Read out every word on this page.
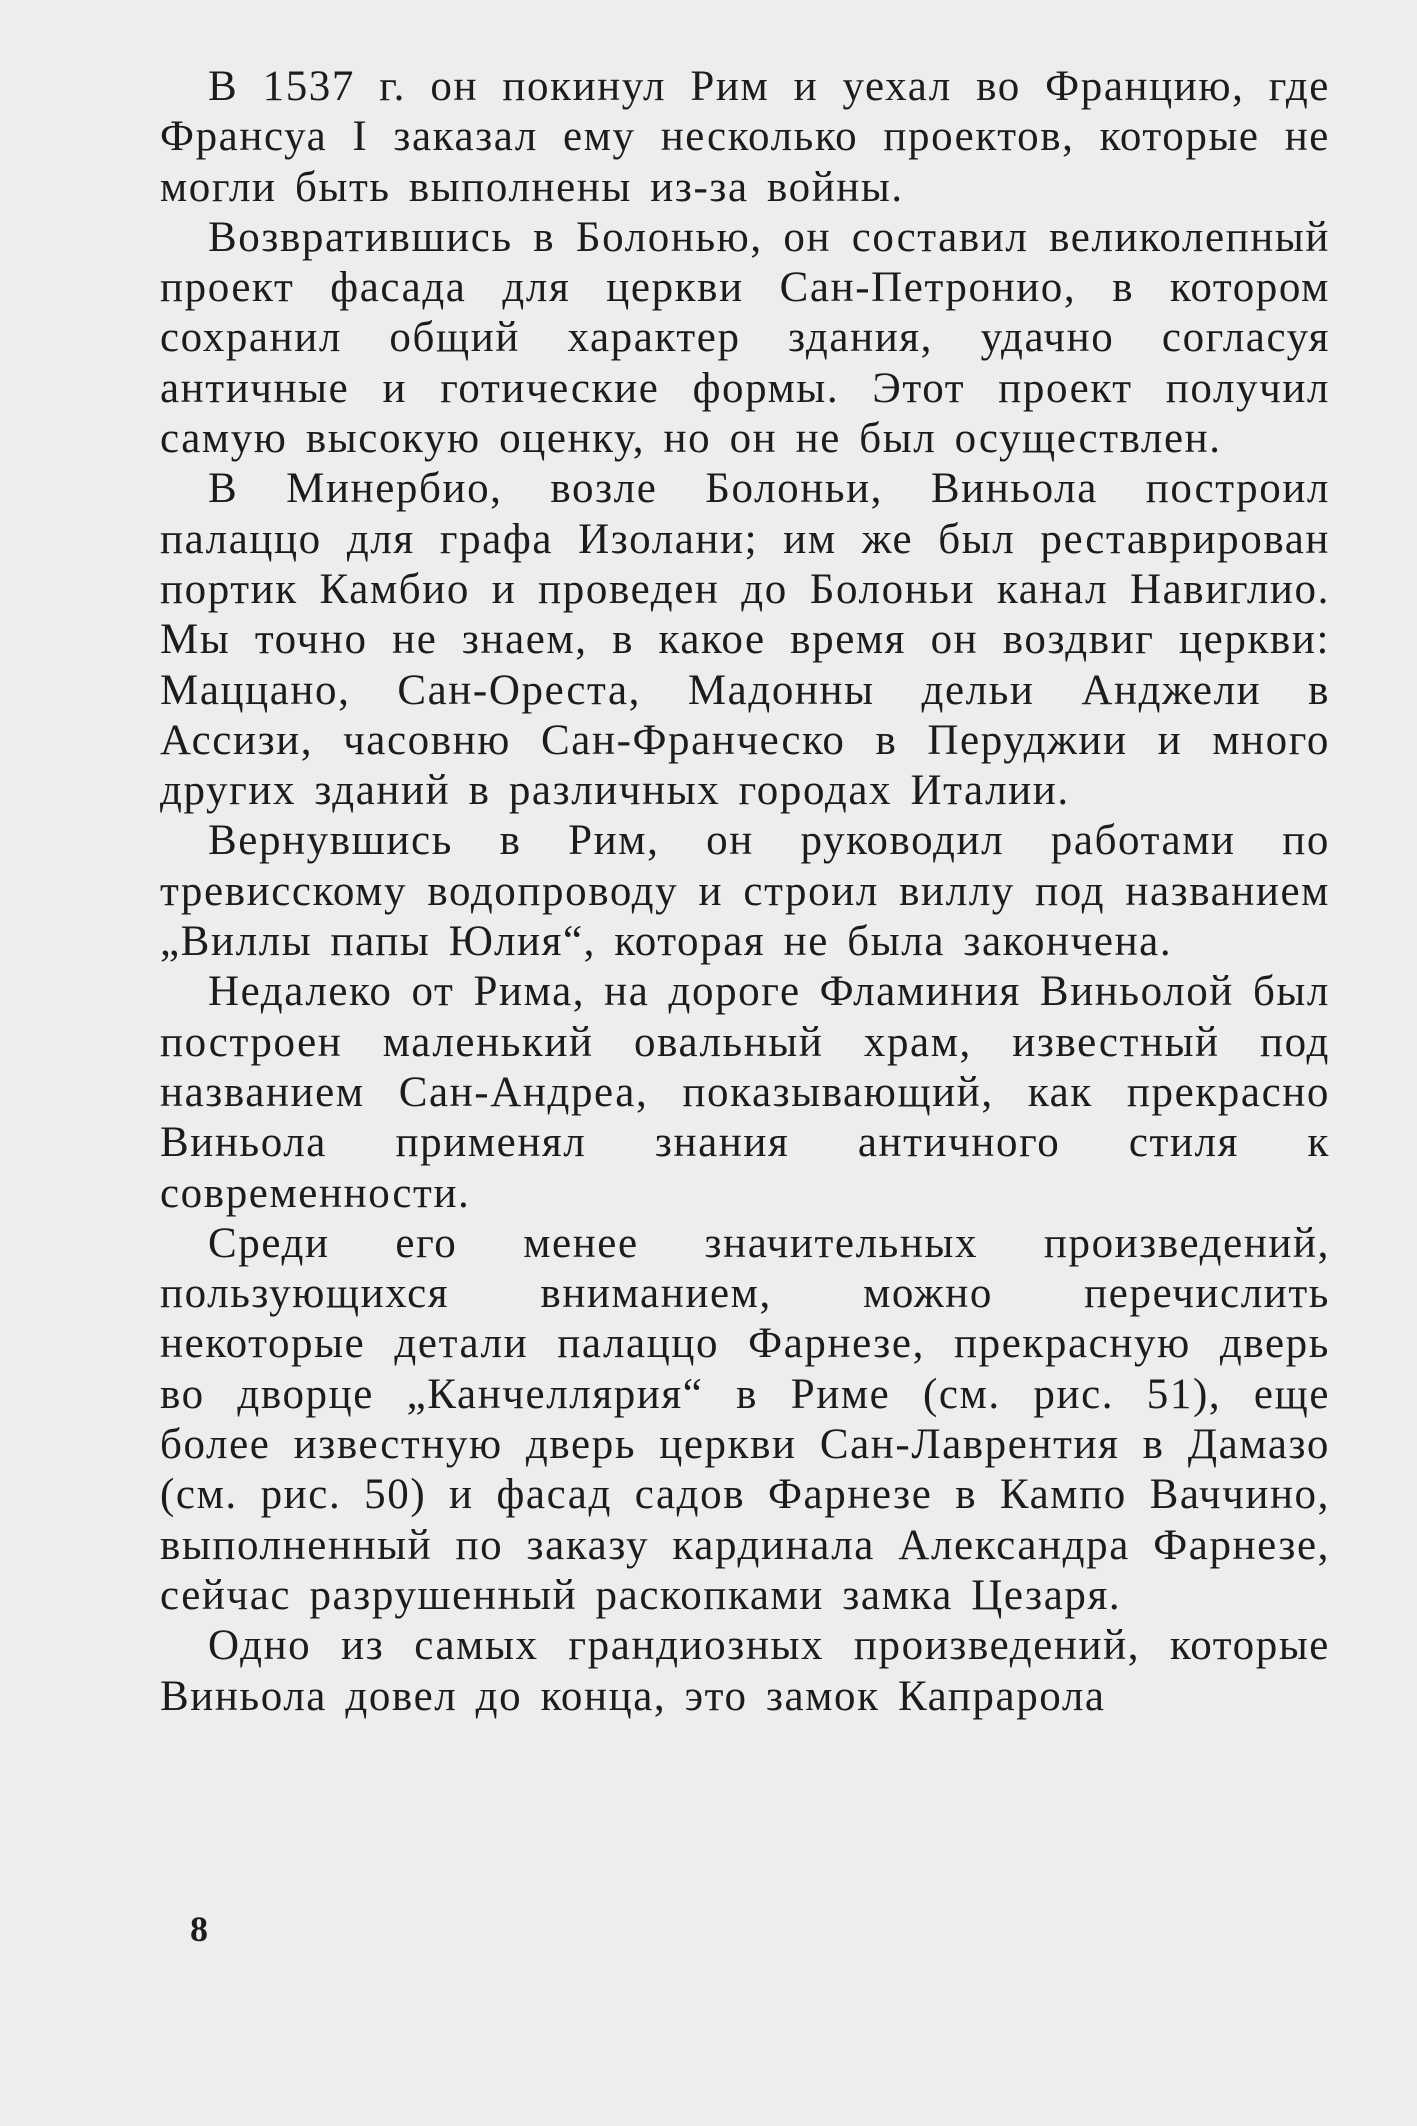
В 1537 г. он покинул Рим и уехал во Францию, где Франсуа I заказал ему несколько проектов, которые не могли быть выполнены из-за войны.

Возвратившись в Болонью, он составил великолепный проект фасада для церкви Сан-Петронио, в котором сохранил общий характер здания, удачно согласуя античные и готические формы. Этот проект получил самую высокую оценку, но он не был осуществлен.

В Минербио, возле Болоньи, Виньола построил палаццо для графа Изолани; им же был реставрирован портик Камбио и проведен до Болоньи канал Навиглио. Мы точно не знаем, в какое время он воздвиг церкви: Маццано, Сан-Ореста, Мадонны дельи Анджели в Ассизи, часовню Сан-Франческо в Перуджии и много других зданий в различных городах Италии.

Вернувшись в Рим, он руководил работами по тревисскому водопроводу и строил виллу под названием „Виллы папы Юлия“, которая не была закончена.

Недалеко от Рима, на дороге Фламиния Виньолой был построен маленький овальный храм, известный под названием Сан-Андреа, показывающий, как прекрасно Виньола применял знания античного стиля к современности.

Среди его менее значительных произведений, пользующихся вниманием, можно перечислить некоторые детали палаццо Фарнезе, прекрасную дверь во дворце „Канчеллярия“ в Риме (см. рис. 51), еще более известную дверь церкви Сан-Лаврентия в Дамазо (см. рис. 50) и фасад садов Фарнезе в Кампо Ваччино, выполненный по заказу кардинала Александра Фарнезе, сейчас разрушенный раскопками замка Цезаря.

Одно из самых грандиозных произведений, которые Виньола довел до конца, это замок Капрарола

8
